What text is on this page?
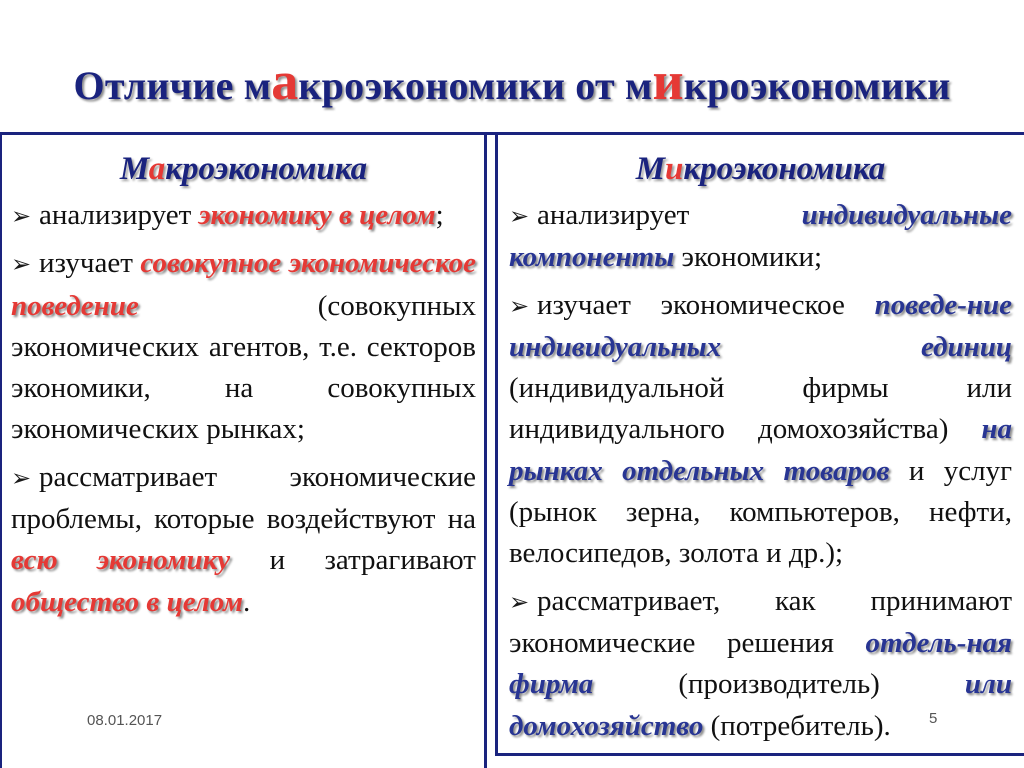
Отличие макроэкономики от микроэкономики
Макроэкономика
➢ анализирует экономику в целом;
➢ изучает совокупное экономическое поведение (совокупных экономических агентов, т.е. секторов экономики, на совокупных экономических рынках;
➢ рассматривает экономические проблемы, которые воздействуют на всю экономику и затрагивают общество в целом.
Микроэкономика
➢ анализирует индивидуальные компоненты экономики;
➢ изучает экономическое поведе-ние индивидуальных единиц (индивидуальной фирмы или индивидуального домохозяйства) на рынках отдельных товаров и услуг (рынок зерна, компьютеров, нефти, велосипедов, золота и др.);
➢ рассматривает, как принимают экономические решения отдель-ная фирма (производитель) или домохозяйство (потребитель).
08.01.2017	5
